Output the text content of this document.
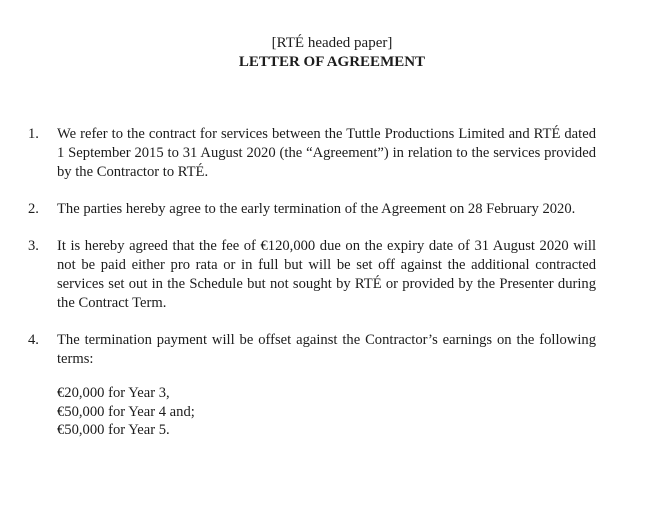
[RTÉ headed paper]
LETTER OF AGREEMENT
1.	We refer to the contract for services between the Tuttle Productions Limited and RTÉ dated 1 September 2015 to 31 August 2020 (the “Agreement”) in relation to the services provided by the Contractor to RTÉ.
2.	The parties hereby agree to the early termination of the Agreement on 28 February 2020.
3.	It is hereby agreed that the fee of €120,000 due on the expiry date of 31 August 2020 will not be paid either pro rata or in full but will be set off against the additional contracted services set out in the Schedule but not sought by RTÉ or provided by the Presenter during the Contract Term.
4.	The termination payment will be offset against the Contractor’s earnings on the following terms:
€20,000 for Year 3,
€50,000 for Year 4 and;
€50,000 for Year 5.
